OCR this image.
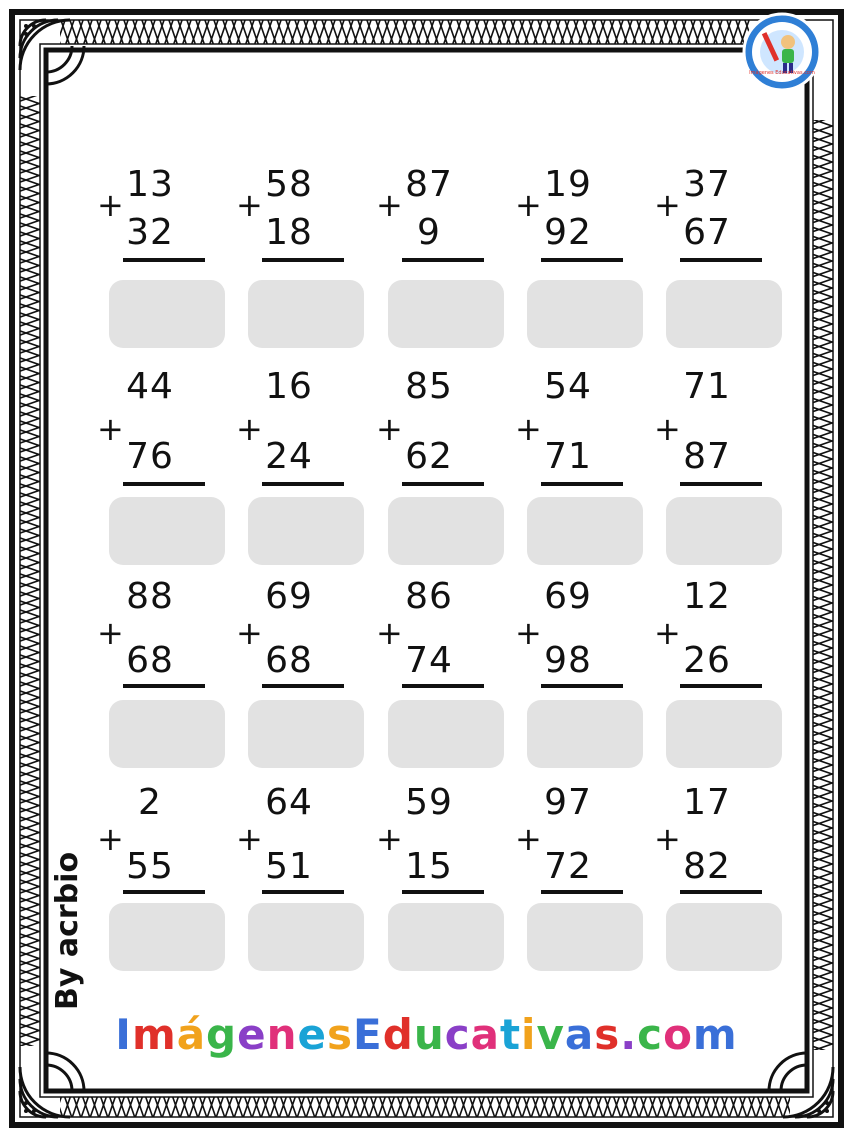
Imágenes Educativas.com
+ 13
32
+ 58
18
+ 87
9
+ 19
92
+ 37
67
+
44
76
+
16
24
+
85
62
+
54
71
+
71
87
+
88
68
+
69
68
+
86
74
+
69
98
+
12
26
+
2
55
+
64
51
+
59
15
+
97
72
+
17
82
By acrbio
ImágenesEducativas.com
